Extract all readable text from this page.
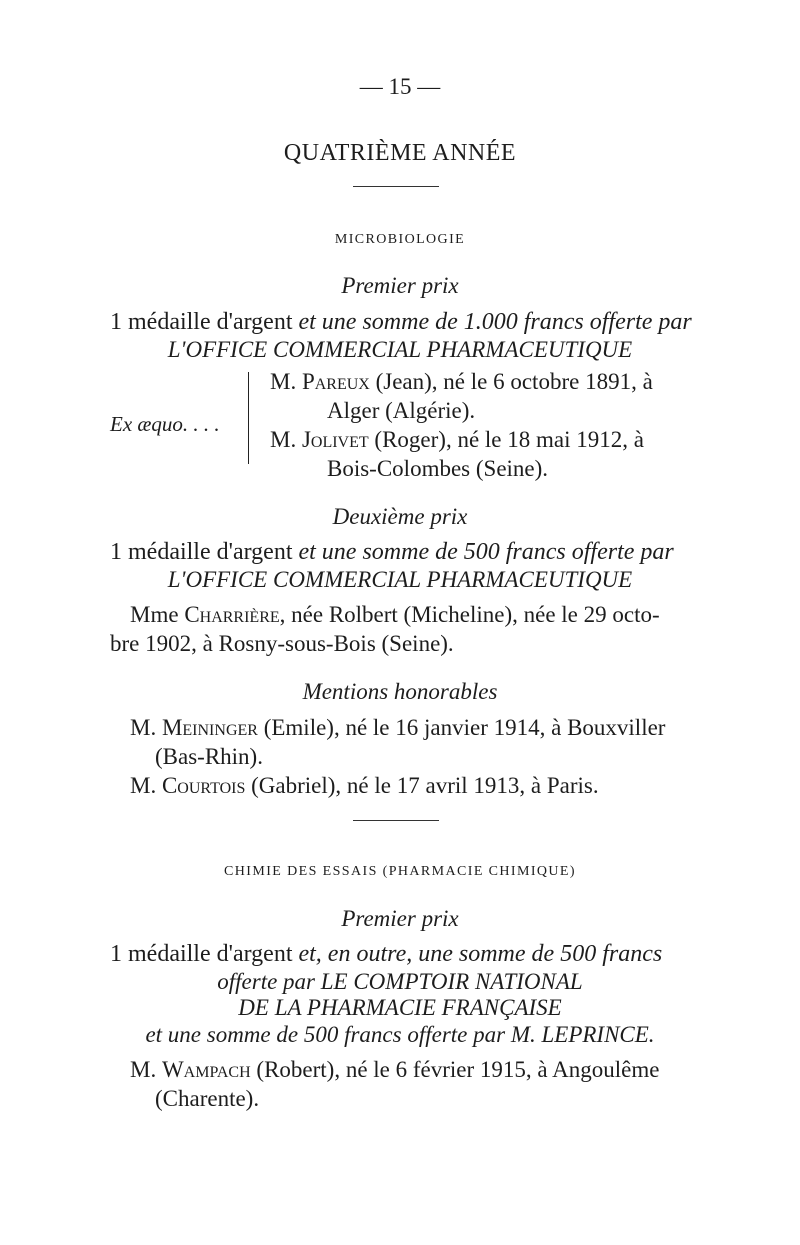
— 15 —
QUATRIÈME ANNÉE
MICROBIOLOGIE
Premier prix
1 médaille d'argent et une somme de 1.000 francs offerte par
L'OFFICE COMMERCIAL PHARMACEUTIQUE
Ex æquo. . . .
M. Pareux (Jean), né le 6 octobre 1891, à
Alger (Algérie).
M. Jolivet (Roger), né le 18 mai 1912, à
Bois-Colombes (Seine).
Deuxième prix
1 médaille d'argent et une somme de 500 francs offerte par
L'OFFICE COMMERCIAL PHARMACEUTIQUE
Mme Charrière, née Rolbert (Micheline), née le 29 octo-
bre 1902, à Rosny-sous-Bois (Seine).
Mentions honorables
M. Meininger (Emile), né le 16 janvier 1914, à Bouxviller
(Bas-Rhin).
M. Courtois (Gabriel), né le 17 avril 1913, à Paris.
CHIMIE DES ESSAIS (PHARMACIE CHIMIQUE)
Premier prix
1 médaille d'argent et, en outre, une somme de 500 francs
offerte par LE COMPTOIR NATIONAL
DE LA PHARMACIE FRANÇAISE
et une somme de 500 francs offerte par M. LEPRINCE.
M. Wampach (Robert), né le 6 février 1915, à Angoulême
(Charente).
